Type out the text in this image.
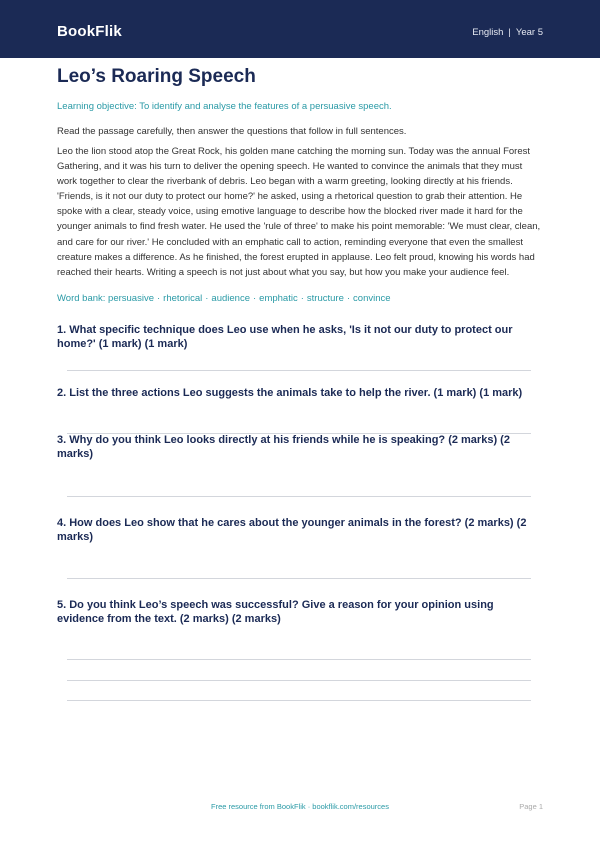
BookFlik	English | Year 5
Leo’s Roaring Speech
Learning objective: To identify and analyse the features of a persuasive speech.
Read the passage carefully, then answer the questions that follow in full sentences.

Leo the lion stood atop the Great Rock, his golden mane catching the morning sun. Today was the annual Forest Gathering, and it was his turn to deliver the opening speech. He wanted to convince the animals that they must work together to clear the riverbank of debris. Leo began with a warm greeting, looking directly at his friends. 'Friends, is it not our duty to protect our home?' he asked, using a rhetorical question to grab their attention. He spoke with a clear, steady voice, using emotive language to describe how the blocked river made it hard for the younger animals to find fresh water. He used the 'rule of three' to make his point memorable: 'We must clear, clean, and care for our river.' He concluded with an emphatic call to action, reminding everyone that even the smallest creature makes a difference. As he finished, the forest erupted in applause. Leo felt proud, knowing his words had reached their hearts. Writing a speech is not just about what you say, but how you make your audience feel.

Word bank: persuasive · rhetorical · audience · emphatic · structure · convince

1. What specific technique does Leo use when he asks, 'Is it not our duty to protect our home?' (1 mark) (1 mark)

2. List the three actions Leo suggests the animals take to help the river. (1 mark) (1 mark)

3. Why do you think Leo looks directly at his friends while he is speaking? (2 marks) (2 marks)

4. How does Leo show that he cares about the younger animals in the forest? (2 marks) (2 marks)

5. Do you think Leo’s speech was successful? Give a reason for your opinion using evidence from the text. (2 marks) (2 marks)

Free resource from BookFlik · bookflik.com/resources	Page 1
